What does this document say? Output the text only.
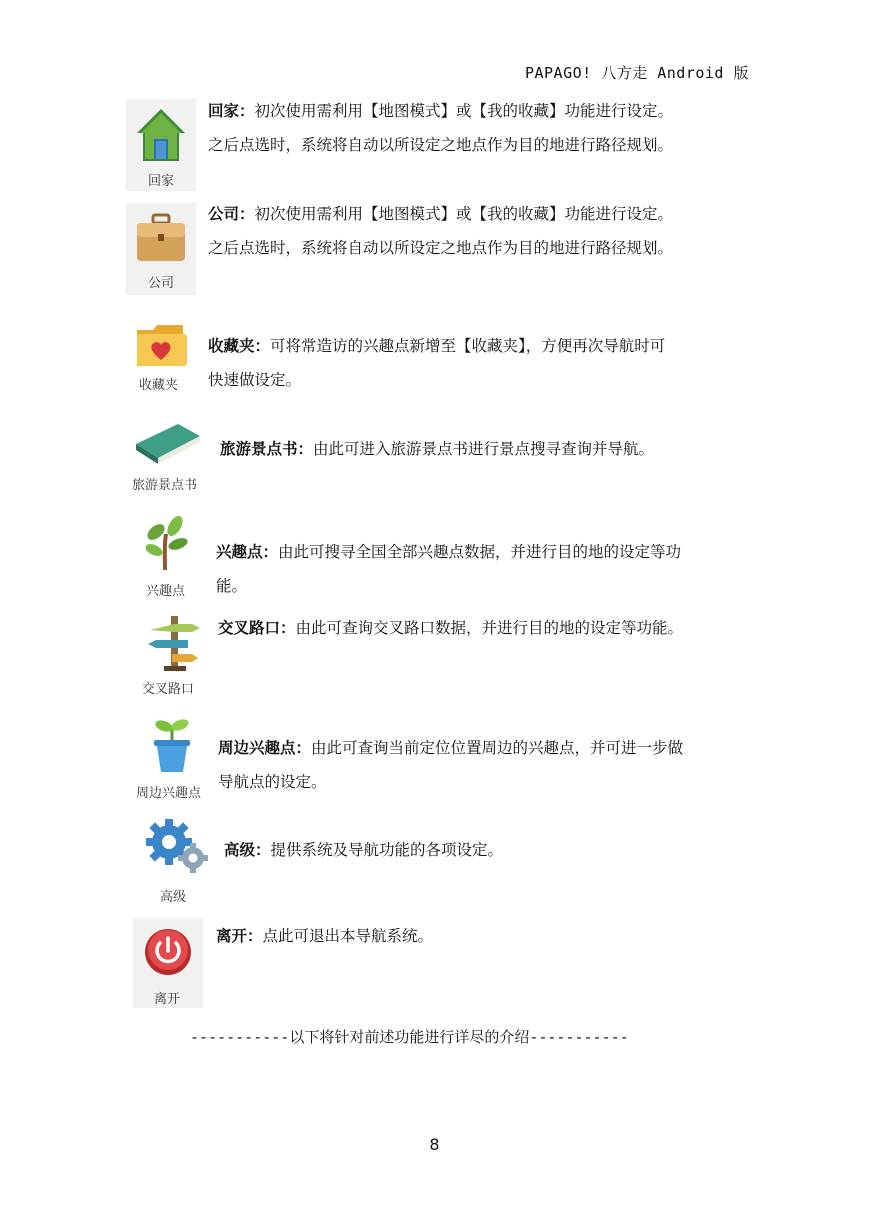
PAPAGO! 八方走 Android 版
回家
回家：初次使用需利用【地图模式】或【我的收藏】功能进行设定。
之后点选时，系统将自动以所设定之地点作为目的地进行路径规划。
公司
公司：初次使用需利用【地图模式】或【我的收藏】功能进行设定。
之后点选时，系统将自动以所设定之地点作为目的地进行路径规划。
收藏夹
收藏夹：可将常造访的兴趣点新增至【收藏夹】，方便再次导航时可
快速做设定。
旅游景点书
旅游景点书：由此可进入旅游景点书进行景点搜寻查询并导航。
兴趣点
兴趣点：由此可搜寻全国全部兴趣点数据，并进行目的地的设定等功
能。
交叉路口
交叉路口：由此可查询交叉路口数据，并进行目的地的设定等功能。
周边兴趣点
周边兴趣点：由此可查询当前定位位置周边的兴趣点，并可进一步做
导航点的设定。
高级
高级：提供系统及导航功能的各项设定。
离开
离开：点此可退出本导航系统。
-----------以下将针对前述功能进行详尽的介绍-----------
8
